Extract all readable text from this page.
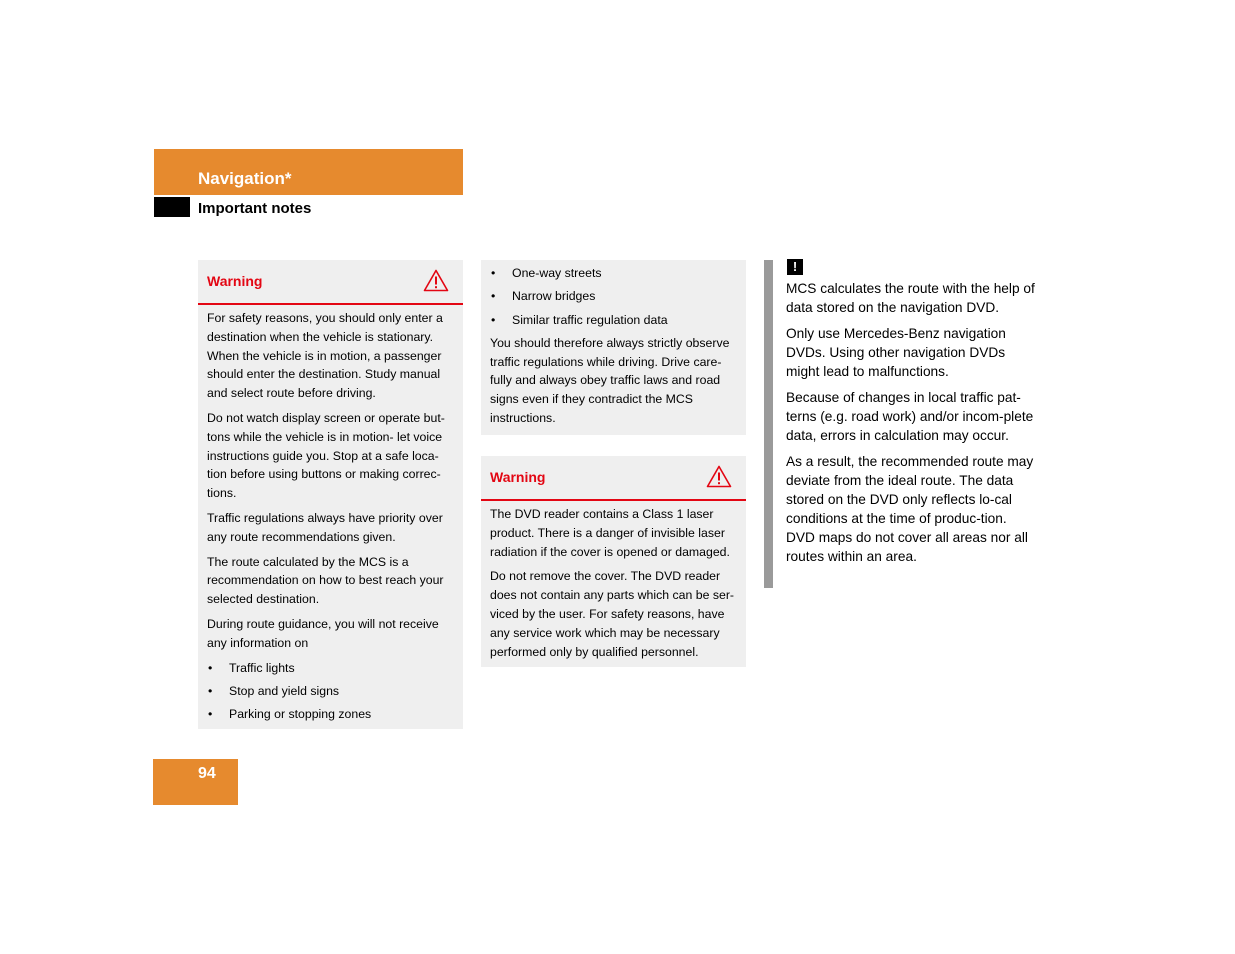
Navigation*
Important notes
Warning

For safety reasons, you should only enter a destination when the vehicle is stationary. When the vehicle is in motion, a passenger should enter the destination. Study manual and select route before driving.

Do not watch display screen or operate but-tons while the vehicle is in motion- let voice instructions guide you. Stop at a safe loca-tion before using buttons or making correc-tions.

Traffic regulations always have priority over any route recommendations given.

The route calculated by the MCS is a recommendation on how to best reach your selected destination.

During route guidance, you will not receive any information on

• Traffic lights
• Stop and yield signs
• Parking or stopping zones
• One-way streets
• Narrow bridges
• Similar traffic regulation data

You should therefore always strictly observe traffic regulations while driving. Drive care-fully and always obey traffic laws and road signs even if they contradict the MCS instructions.

Warning

The DVD reader contains a Class 1 laser product. There is a danger of invisible laser radiation if the cover is opened or damaged.

Do not remove the cover. The DVD reader does not contain any parts which can be ser-viced by the user. For safety reasons, have any service work which may be necessary performed only by qualified personnel.

!

MCS calculates the route with the help of data stored on the navigation DVD.

Only use Mercedes-Benz navigation DVDs. Using other navigation DVDs might lead to malfunctions.

Because of changes in local traffic pat-terns (e.g. road work) and/or incom-plete data, errors in calculation may occur.

As a result, the recommended route may deviate from the ideal route. The data stored on the DVD only reflects lo-cal conditions at the time of produc-tion. DVD maps do not cover all areas nor all routes within an area.

94
